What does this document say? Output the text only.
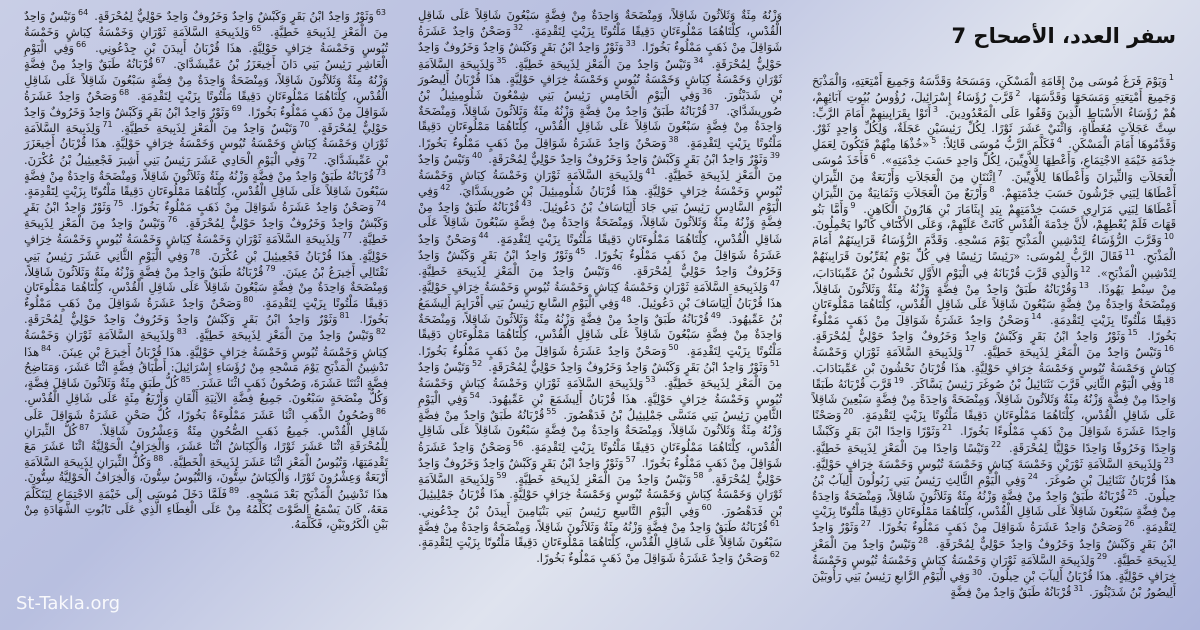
سفر العدد، الأصحاح 7
$^1$وَيَوْمَ فَرَغَ مُوسَى مِنْ إِقَامَةِ الْمَسْكَنِ، وَمَسَحَهُ وَقَدَّسَهُ وَجَمِيعَ أَمْتِعَتِهِ، وَالْمَذْبَحَ وَجَمِيعَ أَمْتِعَتِهِ وَمَسَحَهَا وَقَدَّسَهَا، $^2$قَرَّبَ رُؤَسَاءُ إِسْرَائِيلَ، رُؤُوسُ بُيُوتِ آبَائِهِمْ، هُمْ رُؤَسَاءُ الأَسْبَاطِ الَّذِينَ وَقَفُوا عَلَى الْمَعْدُودِينَ. $^3$أَتَوْا بِقَرَابِينِهِمْ أَمَامَ الرَّبِّ: سِتَّ عَجَلاَتٍ مُغَطَّاةٍ، وَاثْنَيْ عَشَرَ ثَوْرًا. لِكُلِّ رَئِيسَيْنِ عَجَلَةٌ، وَلِكُلِّ وَاحِدٍ ثَوْرٌ. وَقَدَّمُوهَا أَمَامَ الْمَسْكَنِ. $^4$فَكَلَّمَ الرَّبُّ مُوسَى قَائِلاً: $^5$«خُذْهَا مِنْهُمْ فَتَكُونَ لِعَمَلِ خِدْمَةِ خَيْمَةِ الاجْتِمَاعِ، وَأَعْطِهَا لِلاَّوِيِّينَ، لِكُلِّ وَاحِدٍ حَسَبَ خِدْمَتِهِ». $^6$فَأَخَذَ مُوسَى الْعَجَلاَتِ وَالثِّيرَانَ وَأَعْطَاهَا لِلاَّوِيِّينَ. $^7$اِثْنَتَانِ مِنَ الْعَجَلاَتِ وَأَرْبَعَةٌ مِنَ الثِّيرَانِ أَعْطَاهَا لِبَنِي جَرْشُونَ حَسَبَ خِدْمَتِهِمْ. $^8$وَأَرْبَعٌ مِنَ الْعَجَلاَتِ وَثَمَانِيَةٌ مِنَ الثِّيرَانِ أَعْطَاهَا لِبَنِي مَرَارِي حَسَبَ خِدْمَتِهِمْ بِيَدِ إِيثَامَارَ بْنِ هَارُونَ الْكَاهِنِ. $^9$وَأَمَّا بَنُو قَهَاتَ فَلَمْ يُعْطِهِمْ، لأَنَّ خِدْمَةَ الْقُدْسِ كَانَتْ عَلَيْهِمْ، وَعَلَى الأَكْتَافِ كَانُوا يَحْمِلُونَ. $^{10}$وَقَرَّبَ الرُّؤَسَاءُ لِتَدْشِينِ الْمَذْبَحِ يَوْمَ مَسْحِهِ. وَقَدَّمَ الرُّؤَسَاءُ قَرَابِينَهُمْ أَمَامَ الْمَذْبَحِ. $^{11}$فَقَالَ الرَّبُّ لِمُوسَى: «رَئِيسًا رَئِيسًا فِي كُلِّ يَوْمٍ يُقَرِّبُونَ قَرَابِينَهُمْ لِتَدْشِينِ الْمَذْبَحِ». $^{12}$وَالَّذِي قَرَّبَ قُرْبَانَهُ فِي الْيَوْمِ الأَوَّلِ نَحْشُونُ بْنُ عَمِّينَادَابَ، مِنْ سِبْطِ يَهُوذَا. $^{13}$وَقُرْبَانُهُ طَبَقٌ وَاحِدٌ مِنْ فِضَّةٍ وَزْنُهُ مِئَةٌ وَثَلاَثُونَ شَاقِلاً، وَمِنْضَحَةٌ وَاحِدَةٌ مِنْ فِضَّةٍ سَبْعُونَ شَاقِلاً عَلَى شَاقِلِ الْقُدْسِ، كِلْتَاهُمَا مَمْلُوءَتَانِ دَقِيقًا مَلْتُوتًا بِزَيْتٍ لِتَقْدِمَةٍ. $^{14}$وَصَحْنٌ وَاحِدٌ عَشَرَةُ شَوَاقِلَ مِنْ ذَهَبٍ مَمْلُوءٌ بَخُورًا. $^{15}$وَثَوْرٌ وَاحِدٌ ابْنُ بَقَرٍ وَكَبْشٌ وَاحِدٌ وَخَرُوفٌ وَاحِدٌ حَوْلِيٌّ لِمُحْرَقَةٍ. $^{16}$وَتَيْسٌ وَاحِدٌ مِنَ الْمَعْزِ لِذَبِيحَةِ خَطِيَّةٍ. $^{17}$وَلِذَبِيحَةِ السَّلاَمَةِ ثَوْرَانِ وَخَمْسَةُ كِبَاشٍ وَخَمْسَةُ تُيُوسٍ وَخَمْسَةُ خِرَافٍ حَوْلِيَّةٍ. هذَا قُرْبَانُ نَحْشُونَ بْنِ عَمِّينَادَابَ. $^{18}$وَفِي الْيَوْمِ الثَّانِي قَرَّبَ نَثَنَائِيلُ بْنُ صُوغَرَ رَئِيسُ يَسَّاكَرَ. $^{19}$قَرَّبَ قُرْبَانَهُ طَبَقًا وَاحِدًا مِنْ فِضَّةٍ وَزْنُهُ مِئَةٌ وَثَلاَثُونَ شَاقِلاً، وَمِنْضَحَةً وَاحِدَةً مِنْ فِضَّةٍ سَبْعِينَ شَاقِلاً عَلَى شَاقِلِ الْقُدْسِ، كِلْتَاهُمَا مَمْلُوءَتَانِ دَقِيقًا مَلْتُوتًا بِزَيْتٍ لِتَقْدِمَةٍ. $^{20}$وَصَحْنًا وَاحِدًا عَشَرَةَ شَوَاقِلَ مِنْ ذَهَبٍ مَمْلُوءًا بَخُورًا. $^{21}$وَثَوْرًا وَاحِدًا ابْنَ بَقَرٍ وَكَبْشًا وَاحِدًا وَخَرُوفًا وَاحِدًا حَوْلِيًّا لِمُحْرَقَةٍ. $^{22}$وَتَيْسًا وَاحِدًا مِنَ الْمَعْزِ لِذَبِيحَةِ خَطِيَّةٍ. $^{23}$وَلِذَبِيحَةِ السَّلاَمَةِ ثَوْرَيْنِ وَخَمْسَةَ كِبَاشٍ وَخَمْسَةَ تُيُوسٍ وَخَمْسَةَ خِرَافٍ حَوْلِيَّةٍ. هذَا قُرْبَانُ نَثَنَائِيلَ بْنِ صُوغَرَ. $^{24}$وَفِي الْيَوْمِ الثَّالِثِ رَئِيسُ بَنِي زَبُولُونَ أَلِيآبُ بْنُ حِيلُونَ. $^{25}$قُرْبَانُهُ طَبَقٌ وَاحِدٌ مِنْ فِضَّةٍ وَزْنُهُ مِئَةٌ وَثَلاَثُونَ شَاقِلاً، وَمِنْضَحَةٌ وَاحِدَةٌ مِنْ فِضَّةٍ سَبْعُونَ شَاقِلاً عَلَى شَاقِلِ الْقُدْسِ، كِلْتَاهُمَا مَمْلُوءَتَانِ دَقِيقًا مَلْتُوتًا بِزَيْتٍ لِتَقْدِمَةٍ. $^{26}$وَصَحْنٌ وَاحِدٌ عَشَرَةُ شَوَاقِلَ مِنْ ذَهَبٍ مَمْلُوءٌ بَخُورًا. $^{27}$وَثَوْرٌ وَاحِدٌ ابْنُ بَقَرٍ وَكَبْشٌ وَاحِدٌ وَخَرُوفٌ وَاحِدٌ حَوْلِيٌّ لِمُحْرَقَةٍ. $^{28}$وَتَيْسٌ وَاحِدٌ مِنَ الْمَعْزِ لِذَبِيحَةِ خَطِيَّةٍ. $^{29}$وَلِذَبِيحَةِ السَّلاَمَةِ ثَوْرَانِ وَخَمْسَةُ كِبَاشٍ وَخَمْسَةُ تُيُوسٍ وَخَمْسَةُ خِرَافٍ حَوْلِيَّةٍ. هذَا قُرْبَانُ أَلِيآبَ بْنِ حِيلُونَ. $^{30}$وَفِي الْيَوْمِ الرَّابعِ رَئِيسُ بَنِي رَأُوبَيْنَ أَلِيصُورُ بْنُ شَدَيْئُورَ. $^{31}$قُرْبَانُهُ طَبَقٌ وَاحِدٌ مِنْ فِضَّةٍ
وَزْنُهُ مِئَةٌ وَثَلاَثُونَ شَاقِلاً، وَمِنْضَحَةٌ وَاحِدَةٌ مِنْ فِضَّةٍ سَبْعُونَ شَاقِلاً عَلَى شَاقِلِ الْقُدْسِ، كِلْتَاهُمَا مَمْلُوءَتَانِ دَقِيقًا مَلْتُوتًا بِزَيْتٍ لِتَقْدِمَةٍ. $^{32}$وَصَحْنٌ وَاحِدٌ عَشَرَةُ شَوَاقِلَ مِنْ ذَهَبٍ مَمْلُوءٌ بَخُورًا. $^{33}$وَثَوْرٌ وَاحِدٌ ابْنُ بَقَرٍ وَكَبْشٌ وَاحِدٌ وَخَرُوفٌ وَاحِدٌ حَوْلِيٌّ لِمُحْرَقَةٍ. $^{34}$وَتَيْسٌ وَاحِدٌ مِنَ الْمَعْزِ لِذَبِيحَةِ خَطِيَّةٍ. $^{35}$وَلِذَبِيحَةِ السَّلاَمَةِ ثَوْرَانِ وَخَمْسَةُ كِبَاشٍ وَخَمْسَةُ تُيُوسٍ وَخَمْسَةُ خِرَافٍ حَوْلِيَّةٍ. هذَا قُرْبَانُ أَلِيصُورَ بْنِ شَدَيْئُورَ. $^{36}$وَفِي الْيَوْمِ الْخَامِسِ رَئِيسُ بَنِي شِمْعُونَ شَلُومِيئِيلُ بْنُ صُورِيشَدَّايَ. $^{37}$قُرْبَانُهُ طَبَقٌ وَاحِدٌ مِنْ فِضَّةٍ وَزْنُهُ مِئَةٌ وَثَلاَثُونَ شَاقِلاً، وَمِنْضَحَةٌ وَاحِدَةٌ مِنْ فِضَّةٍ سَبْعُونَ شَاقِلاً عَلَى شَاقِلِ الْقُدْسِ، كِلْتَاهُمَا مَمْلُوءَتَانِ دَقِيقًا مَلْتُوتًا بِزَيْتٍ لِتَقْدِمَةٍ. $^{38}$وَصَحْنٌ وَاحِدٌ عَشَرَةُ شَوَاقِلَ مِنْ ذَهَبٍ مَمْلُوءٌ بَخُورًا. $^{39}$وَثَوْرٌ وَاحِدٌ ابْنُ بَقَرٍ وَكَبْشٌ وَاحِدٌ وَخَرُوفٌ وَاحِدٌ حَوْلِيٌّ لِمُحْرَقَةٍ. $^{40}$وَتَيْسٌ وَاحِدٌ مِنَ الْمَعْزِ لِذَبِيحَةِ خَطِيَّةٍ. $^{41}$وَلِذَبِيحَةِ السَّلاَمَةِ ثَوْرَانِ وَخَمْسَةُ كِبَاشٍ وَخَمْسَةُ تُيُوسٍ وَخَمْسَةُ خِرَافٍ حَوْلِيَّةٍ. هذَا قُرْبَانُ شَلُومِيئِيلَ بْنِ صُورِيشَدَّايَ. $^{42}$وَفِي الْيَوْمِ السَّادِسِ رَئِيسُ بَنِي جَادَ أَلِيَاسَافُ بْنُ دَعُوئِيلَ. $^{43}$قُرْبَانُهُ طَبَقٌ وَاحِدٌ مِنْ فِضَّةٍ وَزْنُهُ مِئَةٌ وَثَلاَثُونَ شَاقِلاً، وَمِنْضَحَةٌ وَاحِدَةٌ مِنْ فِضَّةٍ سَبْعُونَ شَاقِلاً عَلَى شَاقِلِ الْقُدْسِ، كِلْتَاهُمَا مَمْلُوءَتَانِ دَقِيقًا مَلْتُوتًا بِزَيْتٍ لِتَقْدِمَةٍ. $^{44}$وَصَحْنٌ وَاحِدٌ عَشَرَةُ شَوَاقِلَ مِنْ ذَهَبٍ مَمْلُوءٌ بَخُورًا. $^{45}$وَثَوْرٌ وَاحِدٌ ابْنُ بَقَرٍ وَكَبْشٌ وَاحِدٌ وَخَرُوفٌ وَاحِدٌ حَوْلِيٌّ لِمُحْرَقَةٍ. $^{46}$وَتَيْسٌ وَاحِدٌ مِنَ الْمَعْزِ لِذَبِيحَةِ خَطِيَّةٍ. $^{47}$وَلِذَبِيحَةِ السَّلاَمَةِ ثَوْرَانِ وَخَمْسَةُ كِبَاشٍ وَخَمْسَةُ تُيُوسٍ وَخَمْسَةُ خِرَافٍ حَوْلِيَّةٍ. هذَا قُرْبَانُ أَلِيَاسَافَ بْنِ دَعُوئِيلَ. $^{48}$وَفِي الْيَوْمِ السَّابعِ رَئِيسُ بَنِي أَفْرَايِمَ أَلِيشَمَعُ بْنُ عَمِّيهُودَ. $^{49}$قُرْبَانُهُ طَبَقٌ وَاحِدٌ مِنْ فِضَّةٍ وَزْنُهُ مِئَةٌ وَثَلاَثُونَ شَاقِلاً، وَمِنْضَحَةٌ وَاحِدَةٌ مِنْ فِضَّةٍ سَبْعُونَ شَاقِلاً عَلَى شَاقِلِ الْقُدْسِ، كِلْتَاهُمَا مَمْلُوءَتَانِ دَقِيقًا مَلْتُوتًا بِزَيْتٍ لِتَقْدِمَةٍ. $^{50}$وَصَحْنٌ وَاحِدٌ عَشَرَةُ شَوَاقِلَ مِنْ ذَهَبٍ مَمْلُوءٌ بَخُورًا. $^{51}$وَثَوْرٌ وَاحِدٌ ابْنُ بَقَرٍ وَكَبْشٌ وَاحِدٌ وَخَرُوفٌ وَاحِدٌ حَوْلِيٌّ لِمُحْرَقَةٍ. $^{52}$وَتَيْسٌ وَاحِدٌ مِنَ الْمَعْزِ لِذَبِيحَةِ خَطِيَّةٍ. $^{53}$وَلِذَبِيحَةِ السَّلاَمَةِ ثَوْرَانِ وَخَمْسَةُ كِبَاشٍ وَخَمْسَةُ تُيُوسٍ وَخَمْسَةُ خِرَافٍ حَوْلِيَّةٍ. هذَا قُرْبَانُ أَلِيشَمَعَ بْنِ عَمِّيهُودَ. $^{54}$وَفِي الْيَوْمِ الثَّامِنِ رَئِيسُ بَنِي مَنَسَّى جَمْلِيئِيلُ بْنُ فَدَهْصُورَ. $^{55}$قُرْبَانُهُ طَبَقٌ وَاحِدٌ مِنْ فِضَّةٍ وَزْنُهُ مِئَةٌ وَثَلاَثُونَ شَاقِلاً، وَمِنْضَحَةٌ وَاحِدَةٌ مِنْ فِضَّةٍ سَبْعُونَ شَاقِلاً عَلَى شَاقِلِ الْقُدْسِ، كِلْتَاهُمَا مَمْلُوءَتَانِ دَقِيقًا مَلْتُوتًا بِزَيْتٍ لِتَقْدِمَةٍ. $^{56}$وَصَحْنٌ وَاحِدٌ عَشَرَةُ شَوَاقِلَ مِنْ ذَهَبٍ مَمْلُوءٌ بَخُورًا. $^{57}$وَثَوْرٌ وَاحِدٌ ابْنُ بَقَرٍ وَكَبْشٌ وَاحِدٌ وَخَرُوفٌ وَاحِدٌ حَوْلِيٌّ لِمُحْرَقَةٍ. $^{58}$وَتَيْسٌ وَاحِدٌ مِنَ الْمَعْزِ لِذَبِيحَةِ خَطِيَّةٍ. $^{59}$وَلِذَبِيحَةِ السَّلاَمَةِ ثَوْرَانِ وَخَمْسَةُ كِبَاشٍ وَخَمْسَةُ تُيُوسٍ وَخَمْسَةُ خِرَافٍ حَوْلِيَّةٍ. هذَا قُرْبَانُ جَمْلِيئِيلَ بْنِ فَدَهْصُورَ. $^{60}$وَفِي الْيَوْمِ التَّاسِعِ رَئِيسُ بَنِي بَنْيَامِينَ أَبِيدَنُ بْنُ جِدْعُونِي. $^{61}$قُرْبَانُهُ طَبَقٌ وَاحِدٌ مِنْ فِضَّةٍ وَزْنُهُ مِئَةٌ وَثَلاَثُونَ شَاقِلاً، وَمِنْضَحَةٌ وَاحِدَةٌ مِنْ فِضَّةٍ سَبْعُونَ شَاقِلاً عَلَى شَاقِلِ الْقُدْسِ، كِلْتَاهُمَا مَمْلُوءَتَانِ دَقِيقًا مَلْتُوتًا بِزَيْتٍ لِتَقْدِمَةٍ. $^{62}$وَصَحْنٌ وَاحِدٌ عَشَرَةُ شَوَاقِلَ مِنْ ذَهَبٍ مَمْلُوءٌ بَخُورًا.
$^{63}$وَثَوْرٌ وَاحِدٌ ابْنُ بَقَرٍ وَكَبْشٌ وَاحِدٌ وَخَرُوفٌ وَاحِدٌ حَوْلِيٌّ لِمُحْرَقَةٍ. $^{64}$وَتَيْسٌ وَاحِدٌ مِنَ الْمَعْزِ لِذَبِيحَةِ خَطِيَّةٍ. $^{65}$وَلِذَبِيحَةِ السَّلاَمَةِ ثَوْرَانِ وَخَمْسَةُ كِبَاشٍ وَخَمْسَةُ تُيُوسٍ وَخَمْسَةُ خِرَافٍ حَوْلِيَّةٍ. هذَا قُرْبَانُ أَبِيدَنَ بْنِ جِدْعُونِي. $^{66}$وَفِي الْيَوْمِ الْعَاشِرِ رَئِيسُ بَنِي دَانَ أَخِيعَزَرُ بْنُ عَمِّيشَدَّايَ. $^{67}$قُرْبَانُهُ طَبَقٌ وَاحِدٌ مِنْ فِضَّةٍ وَزْنُهُ مِئَةٌ وَثَلاَثُونَ شَاقِلاً، وَمِنْضَحَةٌ وَاحِدَةٌ مِنْ فِضَّةٍ سَبْعُونَ شَاقِلاً عَلَى شَاقِلِ الْقُدْسِ، كِلْتَاهُمَا مَمْلُوءَتَانِ دَقِيقًا مَلْتُوتًا بِزَيْتٍ لِتَقْدِمَةٍ. $^{68}$وَصَحْنٌ وَاحِدٌ عَشَرَةُ شَوَاقِلَ مِنْ ذَهَبٍ مَمْلُوءٌ بَخُورًا. $^{69}$وَثَوْرٌ وَاحِدٌ ابْنُ بَقَرٍ وَكَبْشٌ وَاحِدٌ وَخَرُوفٌ وَاحِدٌ حَوْلِيٌّ لِمُحْرَقَةٍ. $^{70}$وَتَيْسٌ وَاحِدٌ مِنَ الْمَعْزِ لِذَبِيحَةِ خَطِيَّةٍ. $^{71}$وَلِذَبِيحَةِ السَّلاَمَةِ ثَوْرَانِ وَخَمْسَةُ كِبَاشٍ وَخَمْسَةُ تُيُوسٍ وَخَمْسَةُ خِرَافٍ حَوْلِيَّةٍ. هذَا قُرْبَانُ أَخِيعَزَرَ بْنِ عَمِّيشَدَّايَ. $^{72}$وَفِي الْيَوْمِ الْحَادِي عَشَرَ رَئِيسُ بَنِي أَشِيرَ فَجْعِيئِيلُ بْنُ عُكْرَنَ. $^{73}$قُرْبَانُهُ طَبَقٌ وَاحِدٌ مِنْ فِضَّةٍ وَزْنُهُ مِئَةٌ وَثَلاَثُونَ شَاقِلاً، وَمِنْضَحَةٌ وَاحِدَةٌ مِنْ فِضَّةٍ سَبْعُونَ شَاقِلاً عَلَى شَاقِلِ الْقُدْسِ، كِلْتَاهُمَا مَمْلُوءَتَانِ دَقِيقًا مَلْتُوتًا بِزَيْتٍ لِتَقْدِمَةٍ. $^{74}$وَصَحْنٌ وَاحِدٌ عَشَرَةُ شَوَاقِلَ مِنْ ذَهَبٍ مَمْلُوءٌ بَخُورًا. $^{75}$وَثَوْرٌ وَاحِدٌ ابْنُ بَقَرٍ وَكَبْشٌ وَاحِدٌ وَخَرُوفٌ وَاحِدٌ حَوْلِيٌّ لِمُحْرَقَةٍ. $^{76}$وَتَيْسٌ وَاحِدٌ مِنَ الْمَعْزِ لِذَبِيحَةِ خَطِيَّةٍ. $^{77}$وَلِذَبِيحَةِ السَّلاَمَةِ ثَوْرَانِ وَخَمْسَةُ كِبَاشٍ وَخَمْسَةُ تُيُوسٍ وَخَمْسَةُ خِرَافٍ حَوْلِيَّةٍ. هذَا قُرْبَانُ فَجْعِيئِيلَ بْنِ عُكْرَنَ. $^{78}$وَفِي الْيَوْمِ الثَّانِي عَشَرَ رَئِيسُ بَنِي نَفْتَالِي أَخِيرَعُ بْنُ عِينَنَ. $^{79}$قُرْبَانُهُ طَبَقٌ وَاحِدٌ مِنْ فِضَّةٍ وَزْنُهُ مِئَةٌ وَثَلاَثُونَ شَاقِلاً، وَمِنْضَحَةٌ وَاحِدَةٌ مِنْ فِضَّةٍ سَبْعُونَ شَاقِلاً عَلَى شَاقِلِ الْقُدْسِ، كِلْتَاهُمَا مَمْلُوءَتَانِ دَقِيقًا مَلْتُوتًا بِزَيْتٍ لِتَقْدِمَةٍ. $^{80}$وَصَحْنٌ وَاحِدٌ عَشَرَةُ شَوَاقِلَ مِنْ ذَهَبٍ مَمْلُوءٌ بَخُورًا. $^{81}$وَثَوْرٌ وَاحِدٌ ابْنُ بَقَرٍ وَكَبْشٌ وَاحِدٌ وَخَرُوفٌ وَاحِدٌ حَوْلِيٌّ لِمُحْرَقَةٍ. $^{82}$وَتَيْسٌ وَاحِدٌ مِنَ الْمَعْزِ لِذَبِيحَةِ خَطِيَّةٍ. $^{83}$وَلِذَبِيحَةِ السَّلاَمَةِ ثَوْرَانِ وَخَمْسَةُ كِبَاشٍ وَخَمْسَةُ تُيُوسٍ وَخَمْسَةُ خِرَافٍ حَوْلِيَّةٍ. هذَا قُرْبَانُ أَخِيرَعَ بْنِ عِينَنَ. $^{84}$هذَا تَدْشِينُ الْمَذْبَحِ يَوْمَ مَسْحِهِ مِنْ رُؤَسَاءِ إِسْرَائِيلَ: أَطْبَاقُ فِضَّةٍ اثْنَا عَشَرَ، وَمَنَاضِحُ فِضَّةٍ اثْنَتَا عَشَرَةَ، وَصُحُونُ ذَهَبٍ اثْنَا عَشَرَ. $^{85}$كُلُّ طَبَقٍ مِئَةٌ وَثَلاَثُونَ شَاقِلَ فِضَّةٍ، وَكُلُّ مِنْضَحَةٍ سَبْعُونَ. جَمِيعُ فِضَّةِ الآنِيَةِ أَلْفَانِ وَأَرْبَعُ مِئَةٍ عَلَى شَاقِلِ الْقُدْسِ. $^{86}$وَصُحُونُ الذَّهَبِ اثْنَا عَشَرَ مَمْلُوءَةٌ بَخُورًا، كُلُّ صَحْنٍ عَشَرَةُ شَوَاقِلَ عَلَى شَاقِلِ الْقُدْسِ. جَمِيعُ ذَهَبِ الصُّحُونِ مِئَةٌ وَعِشْرُونَ شَاقِلاً. $^{87}$كُلُّ الثِّيرَانِ لِلْمُحْرَقَةِ اثْنَا عَشَرَ ثَوْرًا، وَالْكِبَاشُ اثْنَا عَشَرَ، وَالْخِرَافُ الْحَوْلِيَّةُ اثْنَا عَشَرَ مَعَ تَقْدِمَتِهَا، وَتُيُوسُ الْمَعْزِ اثْنَا عَشَرَ لِذَبِيحَةِ الْخَطِيَّةِ. $^{88}$وَكُلُّ الثِّيرَانِ لِذَبِيحَةِ السَّلاَمَةِ أَرْبَعَةٌ وَعِشْرُونَ ثَوْرًا، وَالْكِبَاشُ سِتُّونَ، وَالتُّيُوسُ سِتُّونَ، وَالْخِرَافُ الْحَوْلِيَّةُ سِتُّونَ. هذَا تَدْشِينُ الْمَذْبَحِ بَعْدَ مَسْحِهِ. $^{89}$فَلَمَّا دَخَلَ مُوسَى إِلَى خَيْمَةِ الاجْتِمَاعِ لِيَتَكَلَّمَ مَعَهُ، كَانَ يَسْمَعُ الصَّوْتَ يُكَلِّمُهُ مِنْ عَلَى الْغِطَاءِ الَّذِي عَلَى تَابُوتِ الشَّهَادَةِ مِنْ بَيْنِ الْكَرُوبَيْنِ، فَكَلَّمَهُ.
St-Takla.org
